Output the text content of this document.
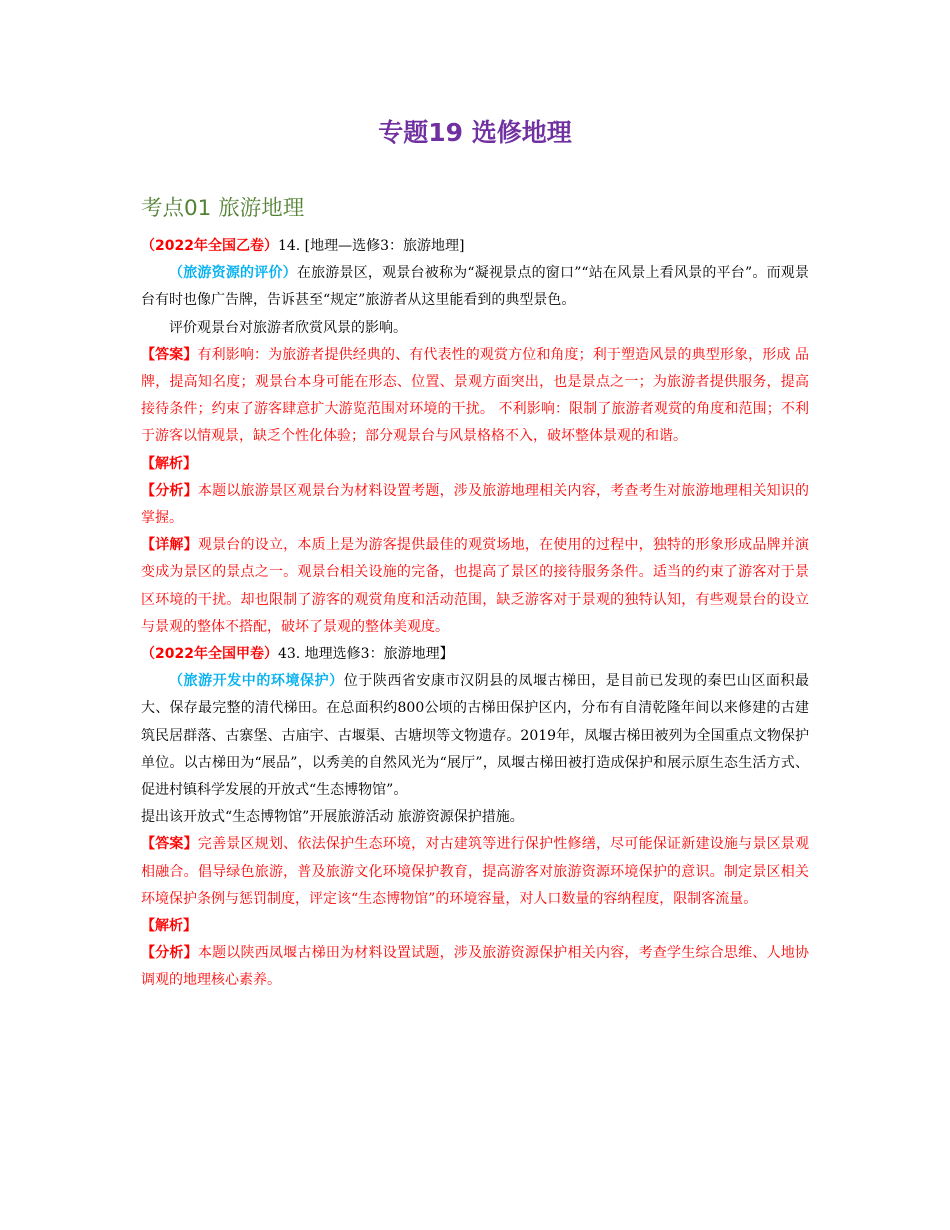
专题19 选修地理
考点01 旅游地理

（2022年全国乙卷）14. [地理—选修3：旅游地理]

（旅游资源的评价）在旅游景区，观景台被称为“凝视景点的窗口”“站在风景上看风景的平台”。而观景台有时也像广告牌，告诉甚至“规定”旅游者从这里能看到的典型景色。

评价观景台对旅游者欣赏风景的影响。

【答案】有利影响：为旅游者提供经典的、有代表性的观赏方位和角度；利于塑造风景的典型形象，形成 品牌，提高知名度；观景台本身可能在形态、位置、景观方面突出，也是景点之一；为旅游者提供服务，提高接待条件；约束了游客肆意扩大游览范围对环境的干扰。 不利影响：限制了旅游者观赏的角度和范围；不利于游客以情观景，缺乏个性化体验；部分观景台与风景格格不入，破坏整体景观的和谐。

【解析】

【分析】本题以旅游景区观景台为材料设置考题，涉及旅游地理相关内容，考查考生对旅游地理相关知识的掌握。

【详解】观景台的设立，本质上是为游客提供最佳的观赏场地，在使用的过程中，独特的形象形成品牌并演变成为景区的景点之一。观景台相关设施的完备，也提高了景区的接待服务条件。适当的约束了游客对于景区环境的干扰。却也限制了游客的观赏角度和活动范围，缺乏游客对于景观的独特认知，有些观景台的设立与景观的整体不搭配，破坏了景观的整体美观度。

（2022年全国甲卷）43. 地理选修3：旅游地理】

（旅游开发中的环境保护）位于陕西省安康市汉阴县的凤堰古梯田，是目前已发现的秦巴山区面积最大、保存最完整的清代梯田。在总面积约800公顷的古梯田保护区内，分布有自清乾隆年间以来修建的古建筑民居群落、古寨堡、古庙宇、古堰渠、古塘坝等文物遗存。2019年，凤堰古梯田被列为全国重点文物保护单位。以古梯田为“展品”，以秀美的自然风光为“展厅”，凤堰古梯田被打造成保护和展示原生态生活方式、促进村镇科学发展的开放式“生态博物馆”。

提出该开放式“生态博物馆”开展旅游活动 旅游资源保护措施。

【答案】完善景区规划、依法保护生态环境，对古建筑等进行保护性修缮，尽可能保证新建设施与景区景观相融合。倡导绿色旅游，普及旅游文化环境保护教育，提高游客对旅游资源环境保护的意识。制定景区相关环境保护条例与惩罚制度，评定该“生态博物馆”的环境容量，对人口数量的容纳程度，限制客流量。

【解析】

【分析】本题以陕西凤堰古梯田为材料设置试题，涉及旅游资源保护相关内容，考查学生综合思维、人地协调观的地理核心素养。
